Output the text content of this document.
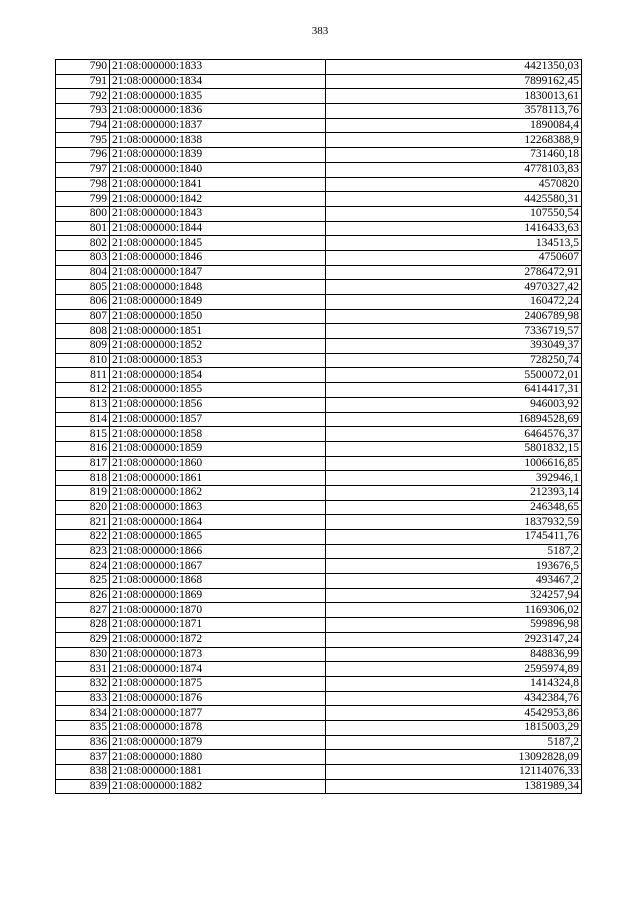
383
790	21:08:000000:1833	4421350,03
791	21:08:000000:1834	7899162,45
792	21:08:000000:1835	1830013,61
793	21:08:000000:1836	3578113,76
794	21:08:000000:1837	1890084,4
795	21:08:000000:1838	12268388,9
796	21:08:000000:1839	731460,18
797	21:08:000000:1840	4778103,83
798	21:08:000000:1841	4570820
799	21:08:000000:1842	4425580,31
800	21:08:000000:1843	107550,54
801	21:08:000000:1844	1416433,63
802	21:08:000000:1845	134513,5
803	21:08:000000:1846	4750607
804	21:08:000000:1847	2786472,91
805	21:08:000000:1848	4970327,42
806	21:08:000000:1849	160472,24
807	21:08:000000:1850	2406789,98
808	21:08:000000:1851	7336719,57
809	21:08:000000:1852	393049,37
810	21:08:000000:1853	728250,74
811	21:08:000000:1854	5500072,01
812	21:08:000000:1855	6414417,31
813	21:08:000000:1856	946003,92
814	21:08:000000:1857	16894528,69
815	21:08:000000:1858	6464576,37
816	21:08:000000:1859	5801832,15
817	21:08:000000:1860	1006616,85
818	21:08:000000:1861	392946,1
819	21:08:000000:1862	212393,14
820	21:08:000000:1863	246348,65
821	21:08:000000:1864	1837932,59
822	21:08:000000:1865	1745411,76
823	21:08:000000:1866	5187,2
824	21:08:000000:1867	193676,5
825	21:08:000000:1868	493467,2
826	21:08:000000:1869	324257,94
827	21:08:000000:1870	1169306,02
828	21:08:000000:1871	599896,98
829	21:08:000000:1872	2923147,24
830	21:08:000000:1873	848836,99
831	21:08:000000:1874	2595974,89
832	21:08:000000:1875	1414324,8
833	21:08:000000:1876	4342384,76
834	21:08:000000:1877	4542953,86
835	21:08:000000:1878	1815003,29
836	21:08:000000:1879	5187,2
837	21:08:000000:1880	13092828,09
838	21:08:000000:1881	12114076,33
839	21:08:000000:1882	1381989,34
